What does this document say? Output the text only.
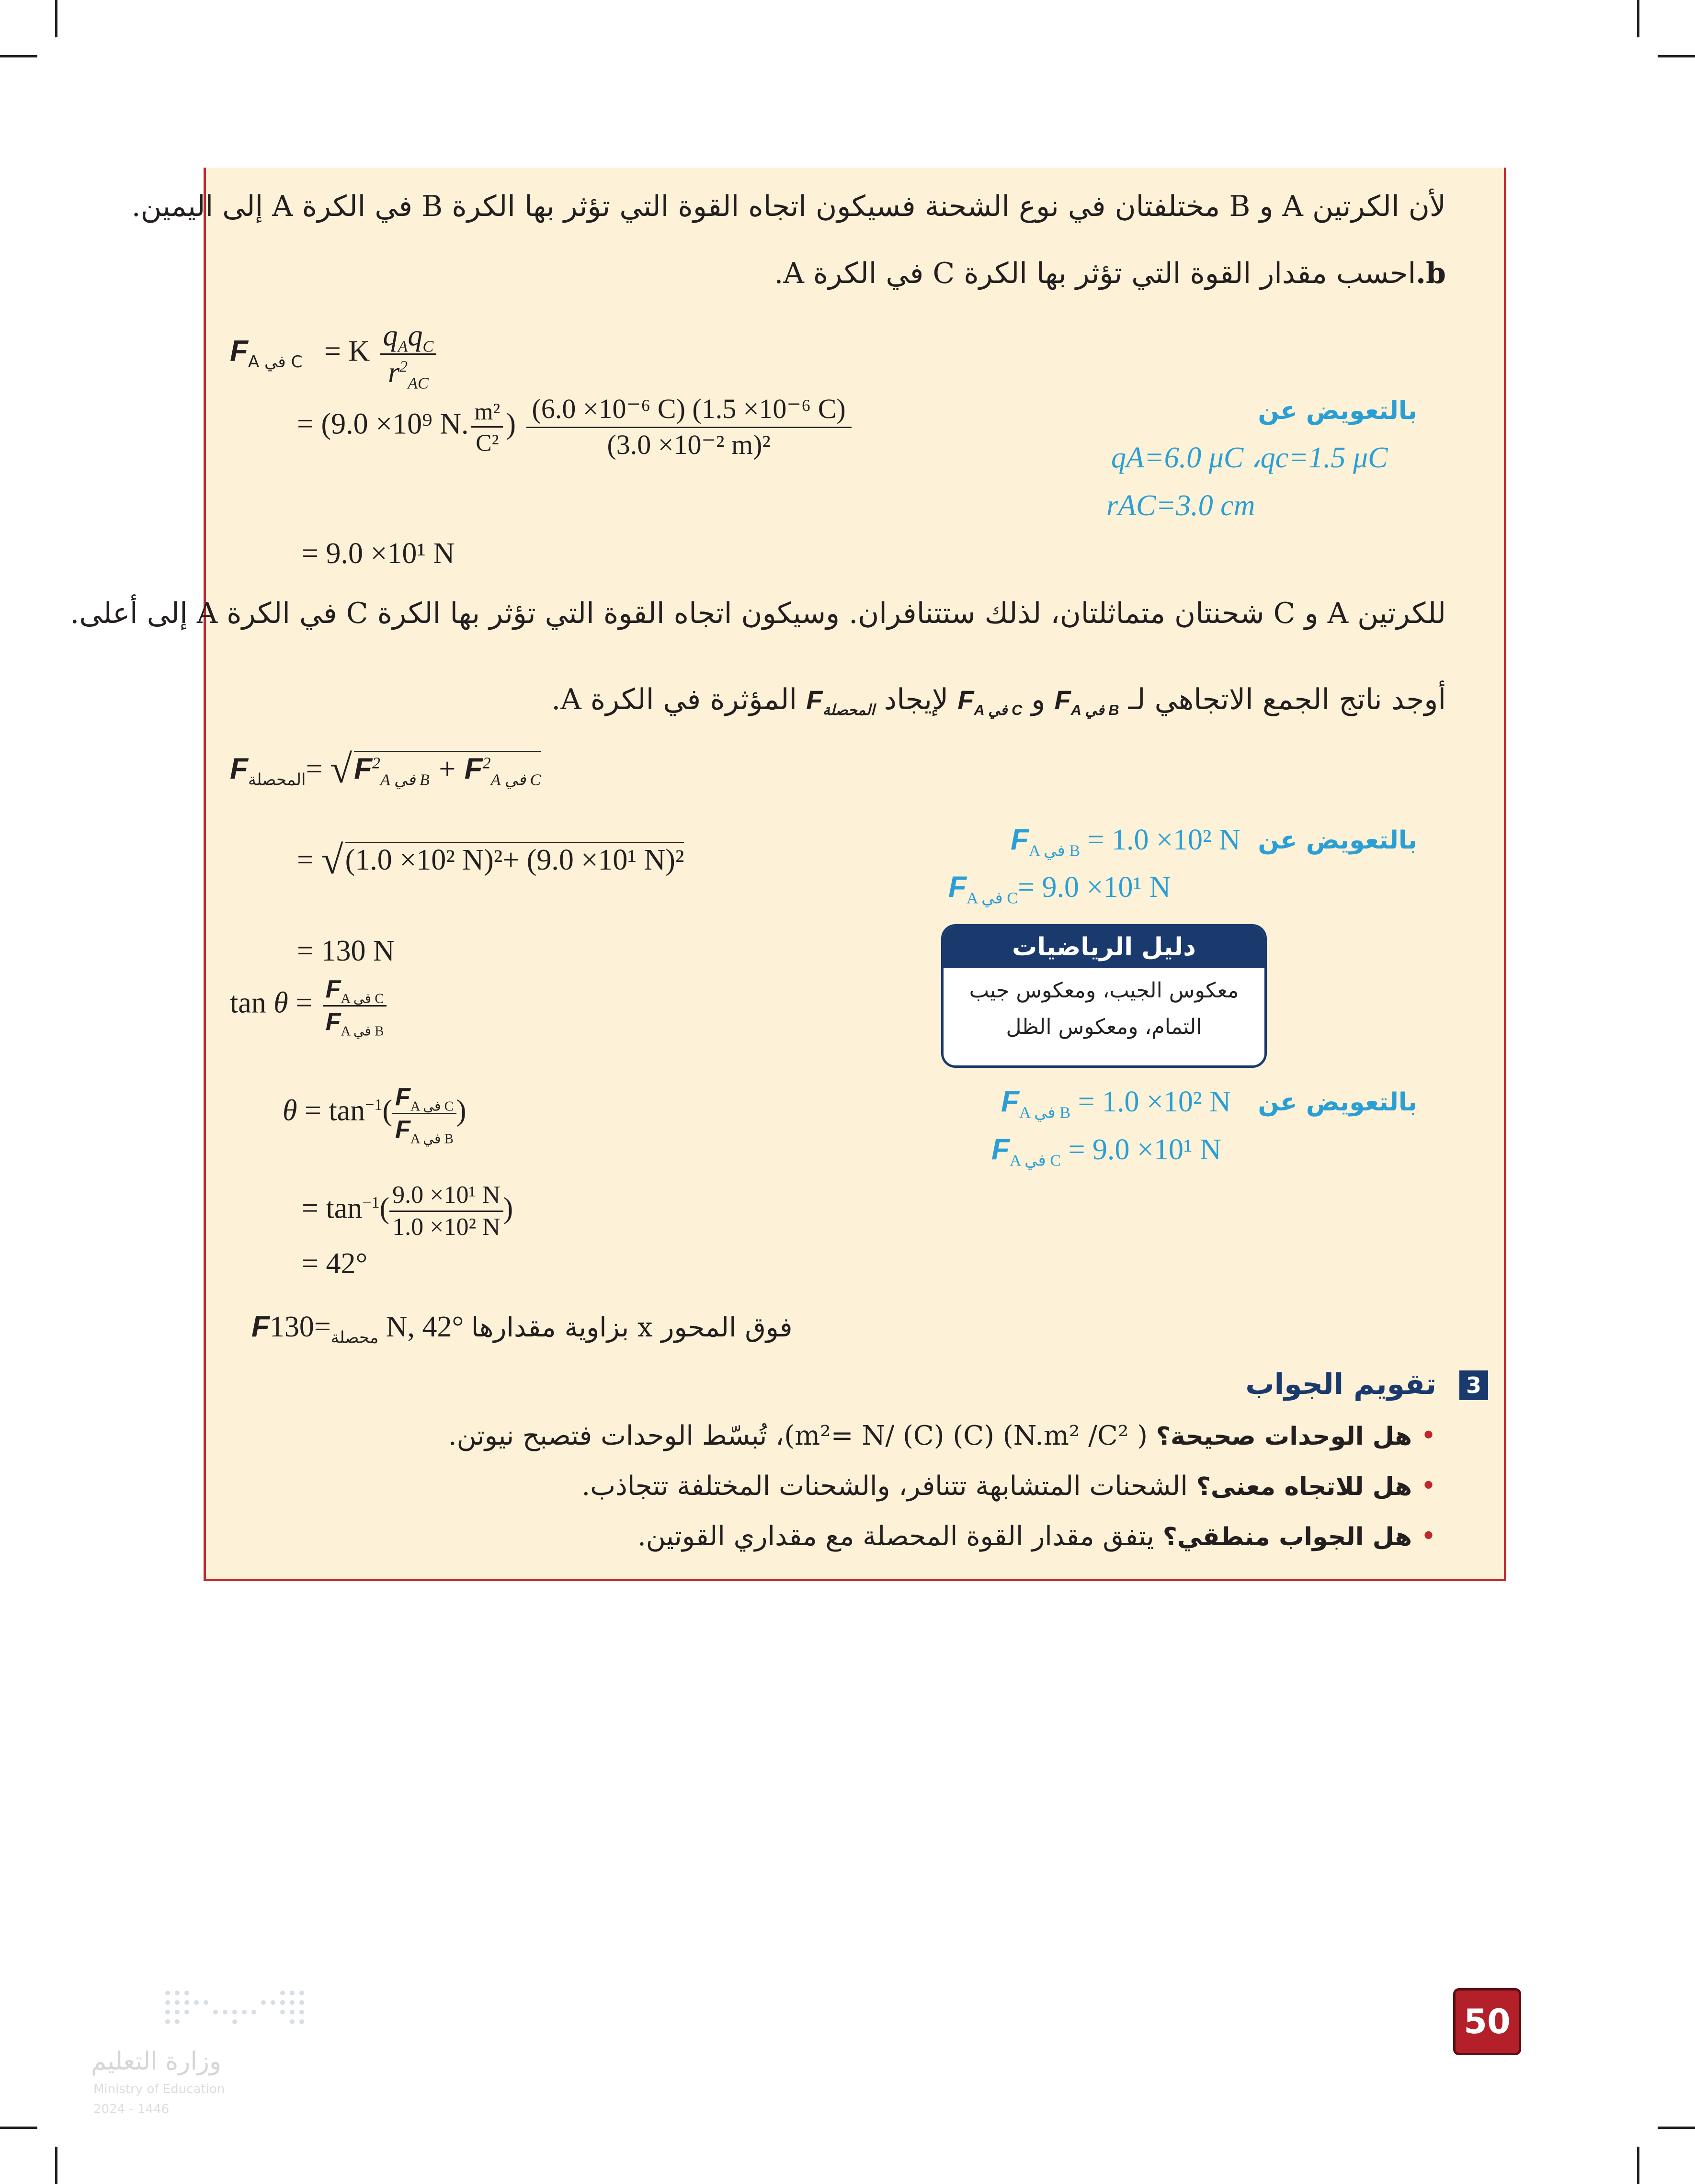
لأن الكرتين A و B مختلفتان في نوع الشحنة فسيكون اتجاه القوة التي تؤثر بها الكرة B في الكرة A إلى اليمين.
b.احسب مقدار القوة التي تؤثر بها الكرة C في الكرة A.
$F_{A في C} = K \frac{q_Aq_C}{r^2_{AC}}$
= (9.0 ×10⁹ N. $\frac{\text{m²}}{\text{C²}}$ ) $\frac{\text{(6.0 ×10⁻⁶ C) (1.5 ×10⁻⁶ C)}}{\text{(3.0 ×10⁻² m)²}}$
= 9.0 ×10¹ N
بالتعويض عن
qA=6.0 μC ،qc=1.5 μC
rAC=3.0 cm
للكرتين A و C شحنتان متماثلتان، لذلك ستتنافران. وسيكون اتجاه القوة التي تؤثر بها الكرة C في الكرة A إلى أعلى.
أوجد ناتج الجمع الاتجاهي لـ $F_{A في B}$ و $F_{A في C}$ لإيجاد $F_{المحصلة}$ المؤثرة في الكرة A.
$F_{المحصلة}= √F^2_{A في B} + F^2_{A في C}$
= √(1.0 ×10² N)²+ (9.0 ×10¹ N)²
= 130 N
بالتعويض عن
$F_{A في B} = 1.0 \times 10^2$ N
$F_{A في C}= 9.0 \times 10^1$ N
دليل الرياضيات
معكوس الجيب، ومعكوس جيب
التمام، ومعكوس الظل
$\tan \theta = \frac{F_{A في C}}{F_{A في B}}$
$\theta = \tan^{-1}( \frac{F_{A في C}}{F_{A في B}}$ )
= $\tan^{-1}( \frac{\text{9.0 ×10¹ N}}{\text{1.0 ×10² N}}$ )
= 42°
بالتعويض عن
$F_{A في B} = 1.0 \times 10^2$ N
$F_{A في C} = 9.0 \times 10^1$ N
F	$_{محصلة}$=130 N, 42° فوق المحور x بزاوية مقدارها
3
تقويم الجواب
• هل الوحدات صحيحة؟ ( N.m² /C²) (C) (C) /m²= N)، تُبسّط الوحدات فتصبح نيوتن.
• هل للاتجاه معنى؟ الشحنات المتشابهة تتنافر، والشحنات المختلفة تتجاذب.
• هل الجواب منطقي؟ يتفق مقدار القوة المحصلة مع مقداري القوتين.
وزارة التعليم
Ministry of Education
2024 - 1446
50
